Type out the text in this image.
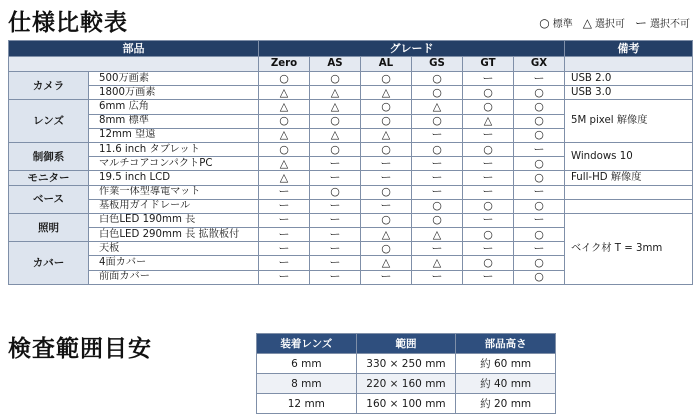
仕様比較表	○ 標準 △ 選択可 ー 選択不可
部品		グレード						備考
		Zero	AS	AL	GS	GT	GX	
カメラ	500万画素	○	○	○	○	ー	ー	USB 2.0
	1800万画素	△	△	△	○	○	○	USB 3.0
レンズ	6mm 広角	△	△	○	△	○	○	5M pixel 解像度
	8mm 標準	○	○	○	○	△	○	
	12mm 望遠	△	△	△	ー	ー	○	
制御系	11.6 inch タブレット	○	○	○	○	○	ー	Windows 10
	マルチコアコンパクトPC	△	ー	ー	ー	ー	○	
モニター	19.5 inch LCD	△	ー	ー	ー	ー	○	Full-HD 解像度
ベース	作業一体型導電マット	ー	○	○	ー	ー	ー	
	基板用ガイドレール	ー	ー	ー	○	○	○	
照明	白色LED 190mm 長	ー	ー	○	○	ー	ー	ベイク材 T = 3mm
	白色LED 290mm 長 拡散板付	ー	ー	△	△	○	○	
カバー	天板	ー	ー	○	ー	ー	ー	
	4面カバー	ー	ー	△	△	○	○	
	前面カバー	ー	ー	ー	ー	ー	○	
検査範囲目安	装着レンズ	範囲	部品高さ
6 mm	330 × 250 mm	約 60 mm
8 mm	220 × 160 mm	約 40 mm
12 mm	160 × 100 mm	約 20 mm
